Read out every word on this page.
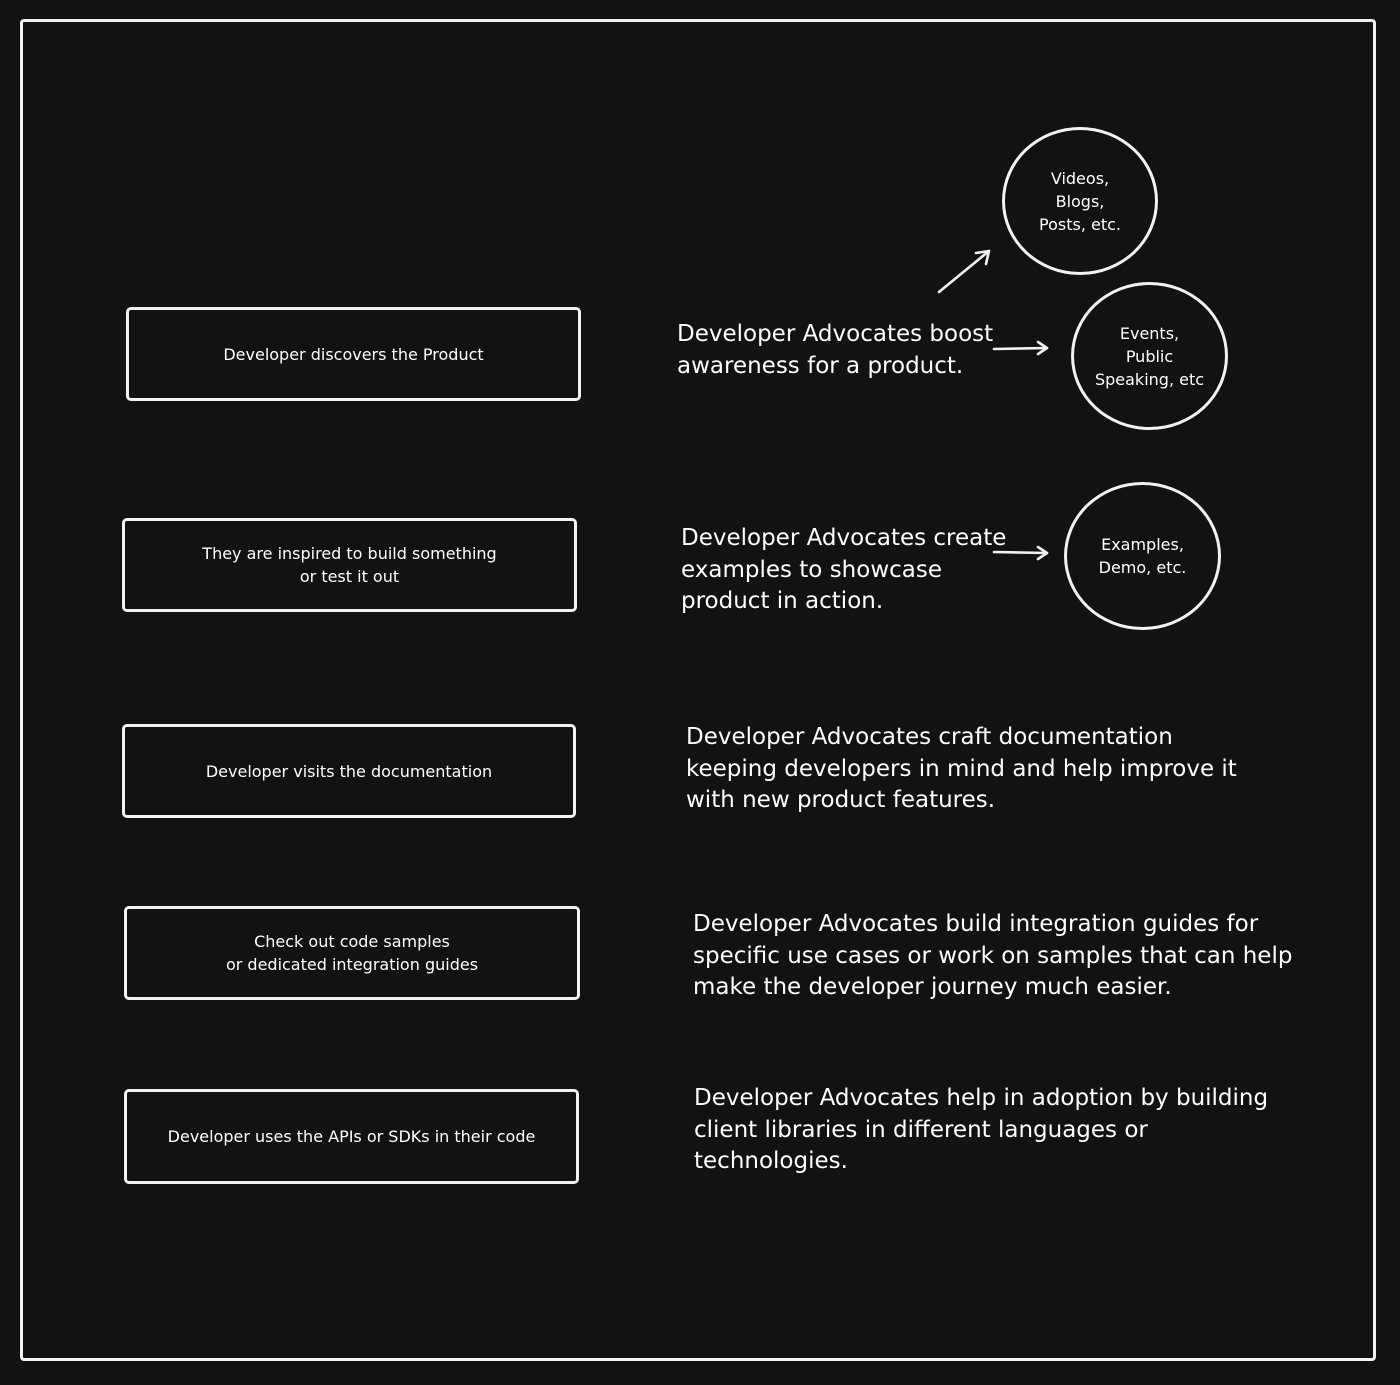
Developer discovers the Product
They are inspired to build something
or test it out
Developer visits the documentation
Check out code samples
or dedicated integration guides
Developer uses the APIs or SDKs in their code
Developer Advocates boost
awareness for a product.
Developer Advocates create
examples to showcase
product in action.
Developer Advocates craft documentation
keeping developers in mind and help improve it
with new product features.
Developer Advocates build integration guides for
specific use cases or work on samples that can help
make the developer journey much easier.
Developer Advocates help in adoption by building
client libraries in different languages or
technologies.
Videos,
Blogs,
Posts, etc.
Events,
Public
Speaking, etc
Examples,
Demo, etc.
